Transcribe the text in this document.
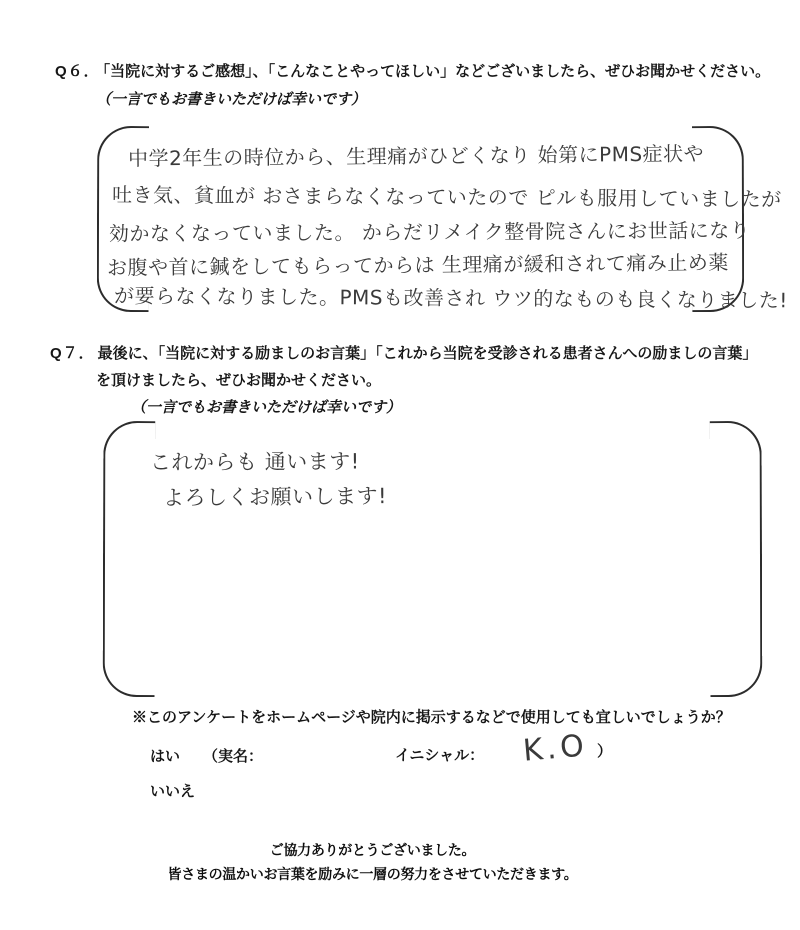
Q６． 「当院に対するご感想」、「こんなことやってほしい」などございましたら、ぜひお聞かせください。
（一言でもお書きいただけば幸いです）
中学2年生の時位から、生理痛がひどくなり 始第にPMS症状や
吐き気、貧血が おさまらなくなっていたので ピルも服用していましたが
効かなくなっていました。 からだリメイク整骨院さんにお世話になり
お腹や首に鍼をしてもらってからは 生理痛が緩和されて痛み止め薬
が要らなくなりました。PMSも改善され ウツ的なものも良くなりました!
Q７． 最後に、「当院に対する励ましのお言葉」「これから当院を受診される患者さんへの励ましの言葉」
を頂けましたら、ぜひお聞かせください。
（一言でもお書きいただけば幸いです）
これからも 通います!
よろしくお願いします!
※このアンケートをホームページや院内に掲示するなどで使用しても宜しいでしょうか？
はい （実名：	イニシャル： K.O ）
いいえ
ご協力ありがとうございました。
皆さまの温かいお言葉を励みに一層の努力をさせていただきます。
